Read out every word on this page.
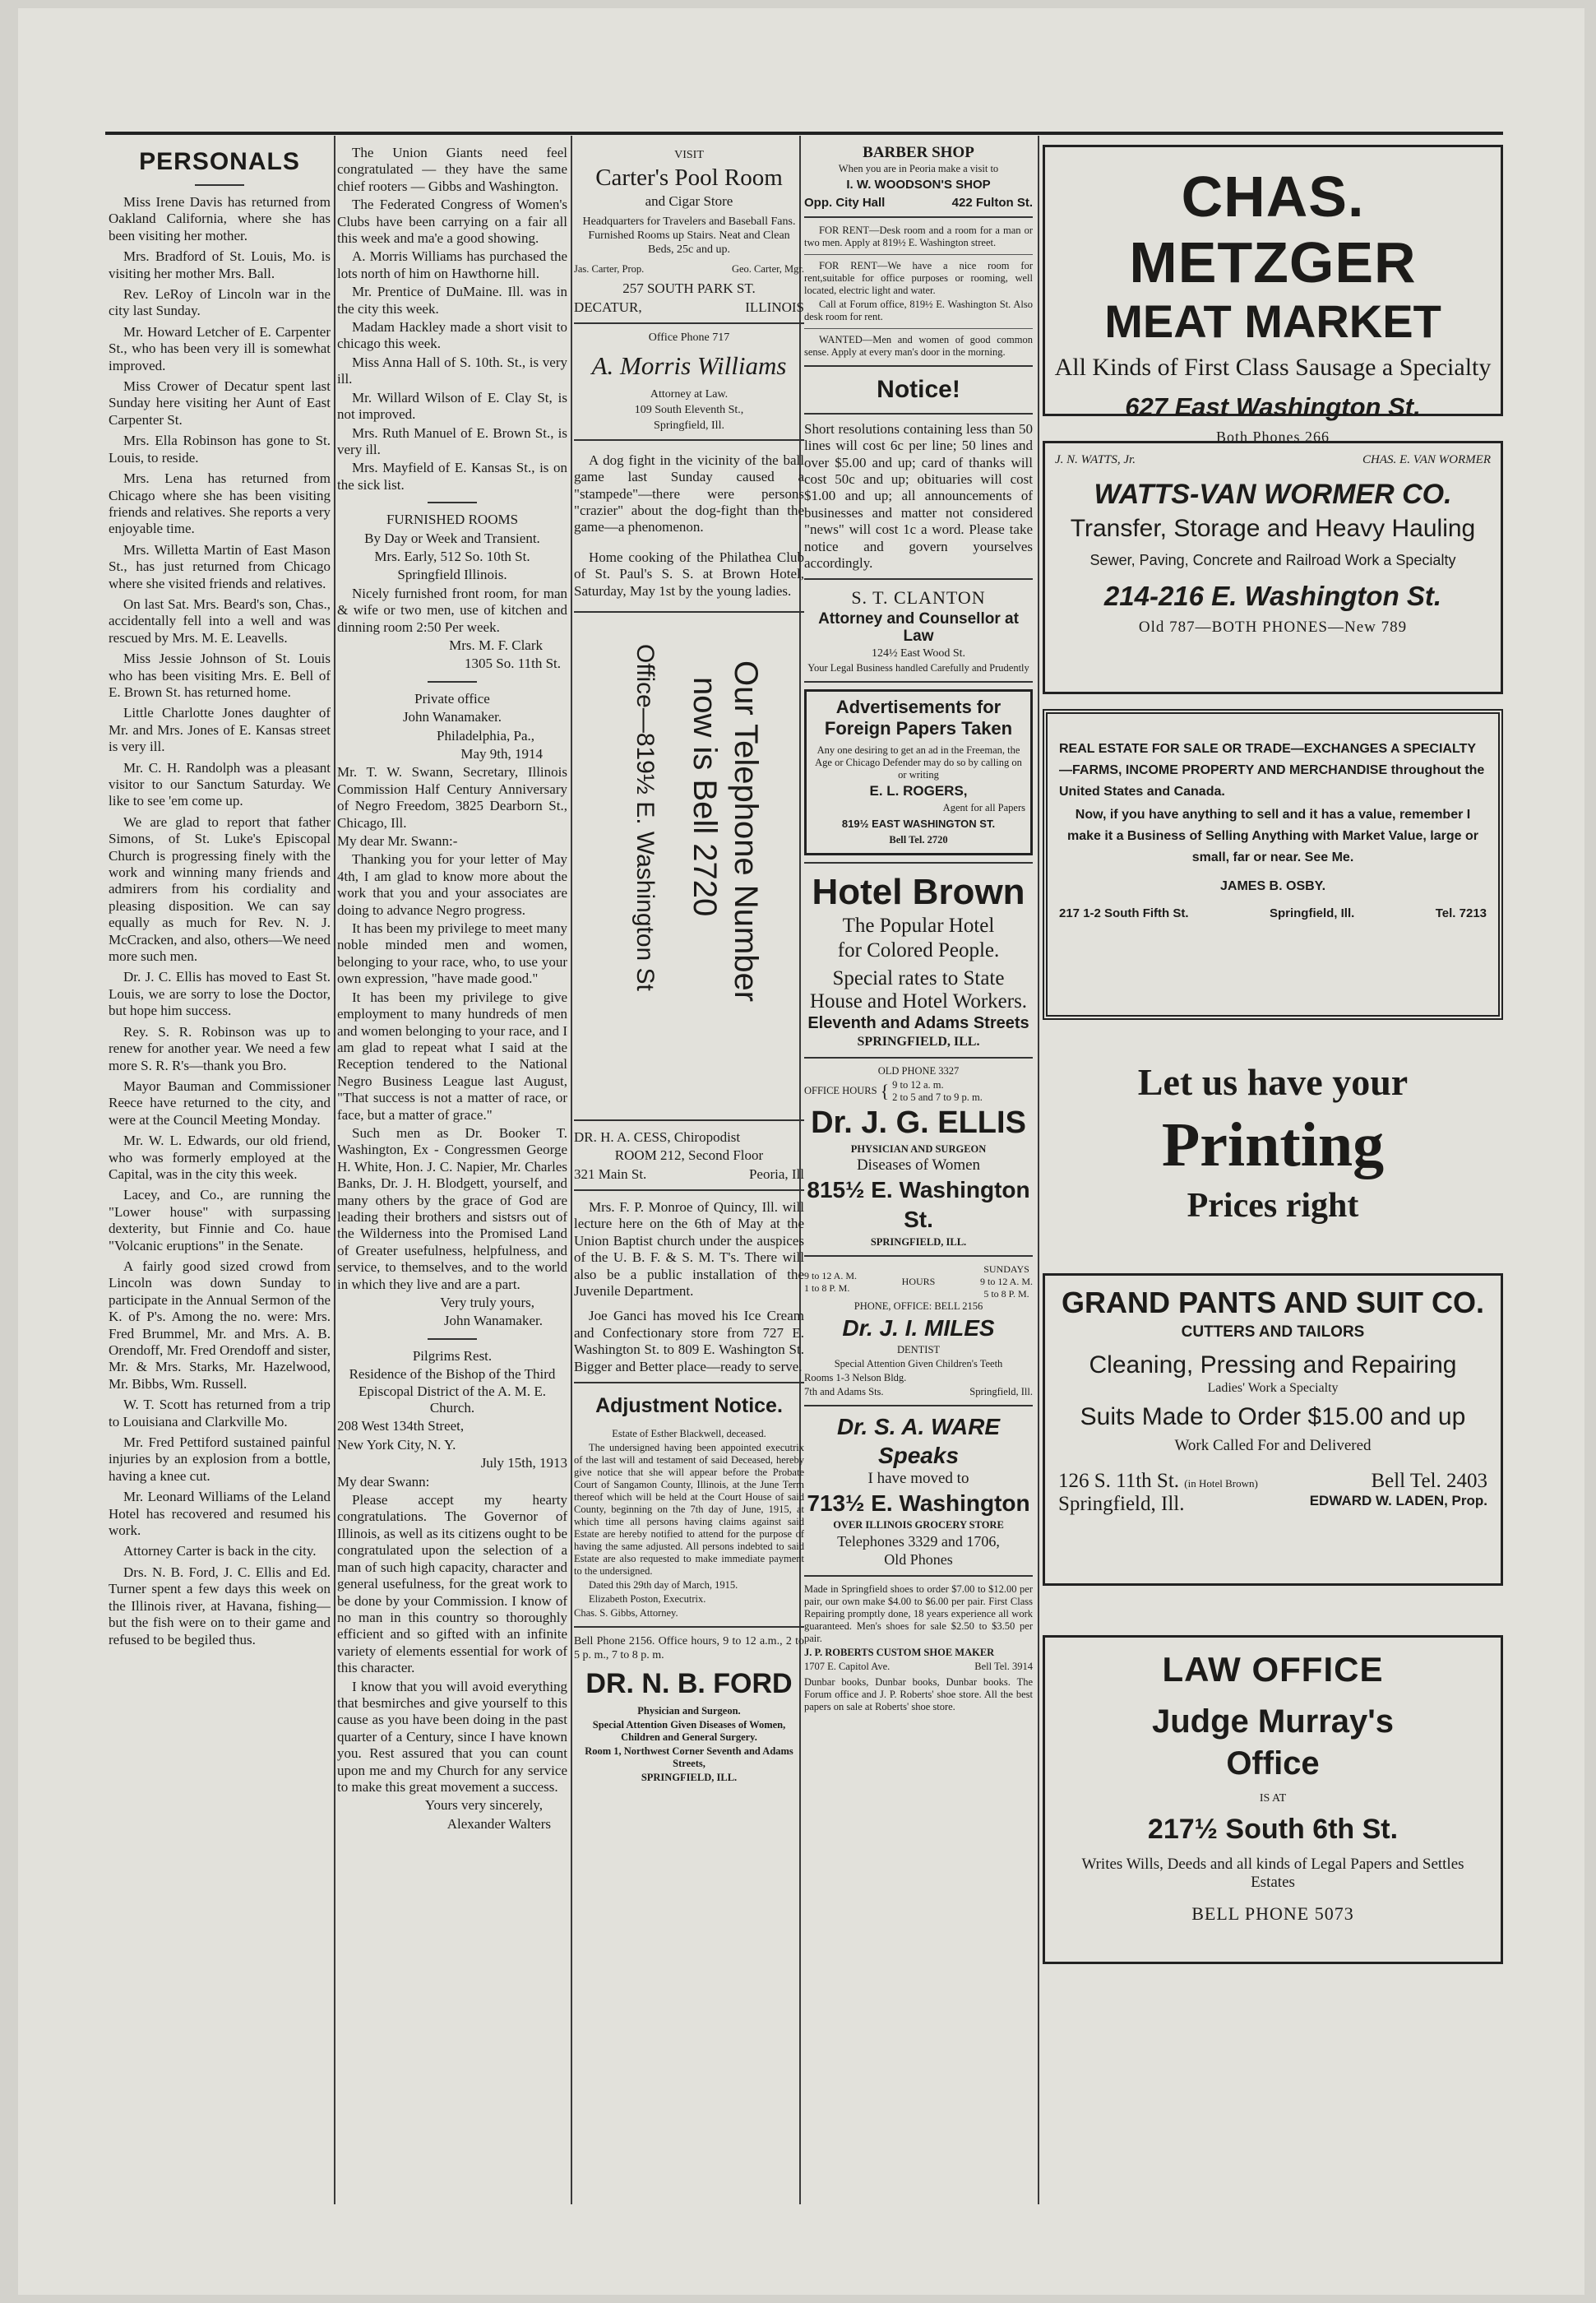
PERSONALS

Miss Irene Davis has returned from Oakland California, where she has been visiting her mother.

Mrs. Bradford of St. Louis, Mo. is visiting her mother Mrs. Ball.

Rev. LeRoy of Lincoln war in the city last Sunday.

Mr. Howard Letcher of E. Carpenter St., who has been very ill is somewhat improved.

Miss Crower of Decatur spent last Sunday here visiting her Aunt of East Carpenter St.

Mrs. Ella Robinson has gone to St. Louis, to reside.

Mrs. Lena has returned from Chicago where she has been visiting friends and relatives. She reports a very enjoyable time.

Mrs. Willetta Martin of East Mason St., has just returned from Chicago where she visited friends and relatives.

On last Sat. Mrs. Beard's son, Chas., accidentally fell into a well and was rescued by Mrs. M. E. Leavells.

Miss Jessie Johnson of St. Louis who has been visiting Mrs. E. Bell of E. Brown St. has returned home.

Little Charlotte Jones daughter of Mr. and Mrs. Jones of E. Kansas street is very ill.

Mr. C. H. Randolph was a pleasant visitor to our Sanctum Saturday. We like to see 'em come up.

We are glad to report that father Simons, of St. Luke's Episcopal Church is progressing finely with the work and winning many friends and admirers from his cordiality and pleasing disposition. We can say equally as much for Rev. N. J. McCracken, and also, others—We need more such men.

Dr. J. C. Ellis has moved to East St. Louis, we are sorry to lose the Doctor, but hope him success.

Rey. S. R. Robinson was up to renew for another year. We need a few more S. R. R's—thank you Bro.

Mayor Bauman and Commissioner Reece have returned to the city, and were at the Council Meeting Monday.

Mr. W. L. Edwards, our old friend, who was formerly employed at the Capital, was in the city this week.

Lacey, and Co., are running the "Lower house" with surpassing dexterity, but Finnie and Co. haue "Volcanic eruptions" in the Senate.

A fairly good sized crowd from Lincoln was down Sunday to participate in the Annual Sermon of the K. of P's. Among the no. were: Mrs. Fred Brummel, Mr. and Mrs. A. B. Orendoff, Mr. Fred Orendoff and sister, Mr. & Mrs. Starks, Mr. Hazelwood, Mr. Bibbs, Wm. Russell.

W. T. Scott has returned from a trip to Louisiana and Clarkville Mo.

Mr. Fred Pettiford sustained painful injuries by an explosion from a bottle, having a knee cut.

Mr. Leonard Williams of the Leland Hotel has recovered and resumed his work.

Attorney Carter is back in the city.

Drs. N. B. Ford, J. C. Ellis and Ed. Turner spent a few days this week on the Illinois river, at Havana, fishing—but the fish were on to their game and refused to be begiled thus.

The Union Giants need feel congratulated — they have the same chief rooters — Gibbs and Washington.

The Federated Congress of Women's Clubs have been carrying on a fair all this week and ma'e a good showing.

A. Morris Williams has purchased the lots north of him on Hawthorne hill.

Mr. Prentice of DuMaine. Ill. was in the city this week.

Madam Hackley made a short visit to chicago this week.

Miss Anna Hall of S. 10th. St., is very ill.

Mr. Willard Wilson of E. Clay St, is not improved.

Mrs. Ruth Manuel of E. Brown St., is very ill.

Mrs. Mayfield of E. Kansas St., is on the sick list.

FURNISHED ROOMS

By Day or Week and Transient.

Mrs. Early, 512 So. 10th St.

Springfield Illinois.

Nicely furnished front room, for man & wife or two men, use of kitchen and dinning room 2:50 Per week.

Mrs. M. F. Clark

1305 So. 11th St.

Private office

John Wanamaker.

Philadelphia, Pa.,

May 9th, 1914

Mr. T. W. Swann, Secretary, Illinois Commission Half Century Anniversary of Negro Freedom, 3825 Dearborn St., Chicago, Ill.

My dear Mr. Swann:-

Thanking you for your letter of May 4th, I am glad to know more about the work that you and your associates are doing to advance Negro progress.

It has been my privilege to meet many noble minded men and women, belonging to your race, who, to use your own expression, "have made good."

It has been my privilege to give employment to many hundreds of men and women belonging to your race, and I am glad to repeat what I said at the Reception tendered to the National Negro Business League last August, "That success is not a matter of race, or face, but a matter of grace."

Such men as Dr. Booker T. Washington, Ex - Congressmen George H. White, Hon. J. C. Napier, Mr. Charles Banks, Dr. J. H. Blodgett, yourself, and many others by the grace of God are leading their brothers and sistsrs out of the Wilderness into the Promised Land of Greater usefulness, helpfulness, and service, to themselves, and to the world in which they live and are a part.

Very truly yours,

John Wanamaker.

Pilgrims Rest.

Residence of the Bishop of the Third Episcopal District of the A. M. E. Church.

208 West 134th Street,

New York City, N. Y.

July 15th, 1913

My dear Swann:

Please accept my hearty congratulations. The Governor of Illinois, as well as its citizens ought to be congratulated upon the selection of a man of such high capacity, character and general usefulness, for the great work to be done by your Commission. I know of no man in this country so thoroughly efficient and so gifted with an infinite variety of elements essential for work of this character.

I know that you will avoid everything that besmirches and give yourself to this cause as you have been doing in the past quarter of a Century, since I have known you. Rest assured that you can count upon me and my Church for any service to make this great movement a success.

Yours very sincerely,

Alexander Walters

VISIT

Carter's Pool Room

and Cigar Store

Headquarters for Travelers and Baseball Fans. Furnished Rooms up Stairs. Neat and Clean Beds, 25c and up.

Jas. Carter, Prop.	Geo. Carter, Mgr.

257 SOUTH PARK ST.

DECATUR,	ILLINOIS

Office Phone 717

A. Morris Williams

Attorney at Law.

109 South Eleventh St.,

Springfield, Ill.

A dog fight in the vicinity of the ball game last Sunday caused a "stampede"—there were persons "crazier" about the dog-fight than the game—a phenomenon.

Home cooking of the Philathea Club of St. Paul's S. S. at Brown Hotel, Saturday, May 1st by the young ladies.

Our Telephone Number
now is Bell 2720
Office—819½ E. Washington St

DR. H. A. CESS, Chiropodist

ROOM 212, Second Floor

321 Main St.	Peoria, Ill

Mrs. F. P. Monroe of Quincy, Ill. will lecture here on the 6th of May at the Union Baptist church under the auspices of the U. B. F. & S. M. T's. There will also be a public installation of the Juvenile Department.

Joe Ganci has moved his Ice Cream and Confectionary store from 727 E. Washington St. to 809 E. Washington St. Bigger and Better place—ready to serve.

Adjustment Notice.

Estate of Esther Blackwell, deceased.

The undersigned having been appointed executrix of the last will and testament of said Deceased, hereby give notice that she will appear before the Probate Court of Sangamon County, Illinois, at the June Term thereof which will be held at the Court House of said County, beginning on the 7th day of June, 1915, at which time all persons having claims against said Estate are hereby notified to attend for the purpose of having the same adjusted. All persons indebted to said Estate are also requested to make immediate payment to the undersigned.

Dated this 29th day of March, 1915.

Elizabeth Poston, Executrix.

Chas. S. Gibbs, Attorney.

Bell Phone 2156. Office hours, 9 to 12 a.m., 2 to 5 p. m., 7 to 8 p. m.

DR. N. B. FORD

Physician and Surgeon.

Special Attention Given Diseases of Women, Children and General Surgery.

Room 1, Northwest Corner Seventh and Adams Streets,

SPRINGFIELD, ILL.

BARBER SHOP

When you are in Peoria make a visit to

I. W. WOODSON'S SHOP

Opp. City Hall	422 Fulton St.

FOR RENT—Desk room and a room for a man or two men. Apply at 819½ E. Washington street.

FOR RENT—We have a nice room for rent,suitable for office purposes or rooming, well located, electric light and water.

Call at Forum office, 819½ E. Washington St. Also desk room for rent.

WANTED—Men and women of good common sense. Apply at every man's door in the morning.

Notice!

Short resolutions containing less than 50 lines will cost 6c per line; 50 lines and over $5.00 and up; card of thanks will cost 50c and up; obituaries will cost $1.00 and up; all announcements of businesses and matter not considered "news" will cost 1c a word. Please take notice and govern yourselves accordingly.

S. T. CLANTON

Attorney and Counsellor at Law

124½ East Wood St.

Your Legal Business handled Carefully and Prudently

Advertisements for Foreign Papers Taken

Any one desiring to get an ad in the Freeman, the Age or Chicago Defender may do so by calling on or writing

E. L. ROGERS,

Agent for all Papers

819½ EAST WASHINGTON ST.

Bell Tel. 2720

Hotel Brown

The Popular Hotel

for Colored People.

Special rates to State House and Hotel Workers.

Eleventh and Adams Streets

SPRINGFIELD, ILL.

OLD PHONE 3327

OFFICE HOURS { 9 to 12 a. m.
2 to 5 and 7 to 9 p. m.

Dr. J. G. ELLIS

PHYSICIAN AND SURGEON

Diseases of Women

815½ E. Washington St.

SPRINGFIELD, ILL.

9 to 12 A. M.
1 to 8 P. M.
HOURS
SUNDAYS
9 to 12 A. M.
5 to 8 P. M.

PHONE, OFFICE: BELL 2156

Dr. J. I. MILES

DENTIST

Special Attention Given Children's Teeth

Rooms 1-3 Nelson Bldg.

7th and Adams Sts.	Springfield, Ill.

Dr. S. A. WARE

Speaks

I have moved to

713½ E. Washington

OVER ILLINOIS GROCERY STORE

Telephones 3329 and 1706,

Old Phones

Made in Springfield shoes to order $7.00 to $12.00 per pair, our own make $4.00 to $6.00 per pair. First Class Repairing promptly done, 18 years experience all work guaranteed. Men's shoes for sale $2.50 to $3.50 per pair.

J. P. ROBERTS CUSTOM SHOE MAKER

1707 E. Capitol Ave.	Bell Tel. 3914

Dunbar books, Dunbar books, Dunbar books. The Forum office and J. P. Roberts' shoe store. All the best papers on sale at Roberts' shoe store.

CHAS. METZGER
MEAT MARKET
All Kinds of First Class Sausage a Specialty
627 East Washington St.
Both Phones 266
J. N. WATTS, Jr.	CHAS. E. VAN WORMER
WATTS-VAN WORMER CO.
Transfer, Storage and Heavy Hauling
Sewer, Paving, Concrete and Railroad Work a Specialty
214-216 E. Washington St.
Old 787—BOTH PHONES—New 789

REAL ESTATE FOR SALE OR TRADE—EXCHANGES A SPECIALTY—FARMS, INCOME PROPERTY AND MERCHANDISE throughout the United States and Canada.

Now, if you have anything to sell and it has a value, remember I make it a Business of Selling Anything with Market Value, large or small, far or near. See Me.

JAMES B. OSBY.

217 1-2 South Fifth St.	Springfield, Ill.	Tel. 7213
Let us have your
Printing
Prices right
GRAND PANTS AND SUIT CO.
CUTTERS AND TAILORS
Cleaning, Pressing and Repairing
Ladies' Work a Specialty
Suits Made to Order $15.00 and up
Work Called For and Delivered
126 S. 11th St. (in Hotel Brown)	Bell Tel. 2403
Springfield, Ill.	EDWARD W. LADEN, Prop.
LAW OFFICE
Judge Murray's
Office
IS AT
217½ South 6th St.
Writes Wills, Deeds and all kinds of Legal Papers and Settles Estates
BELL PHONE 5073
